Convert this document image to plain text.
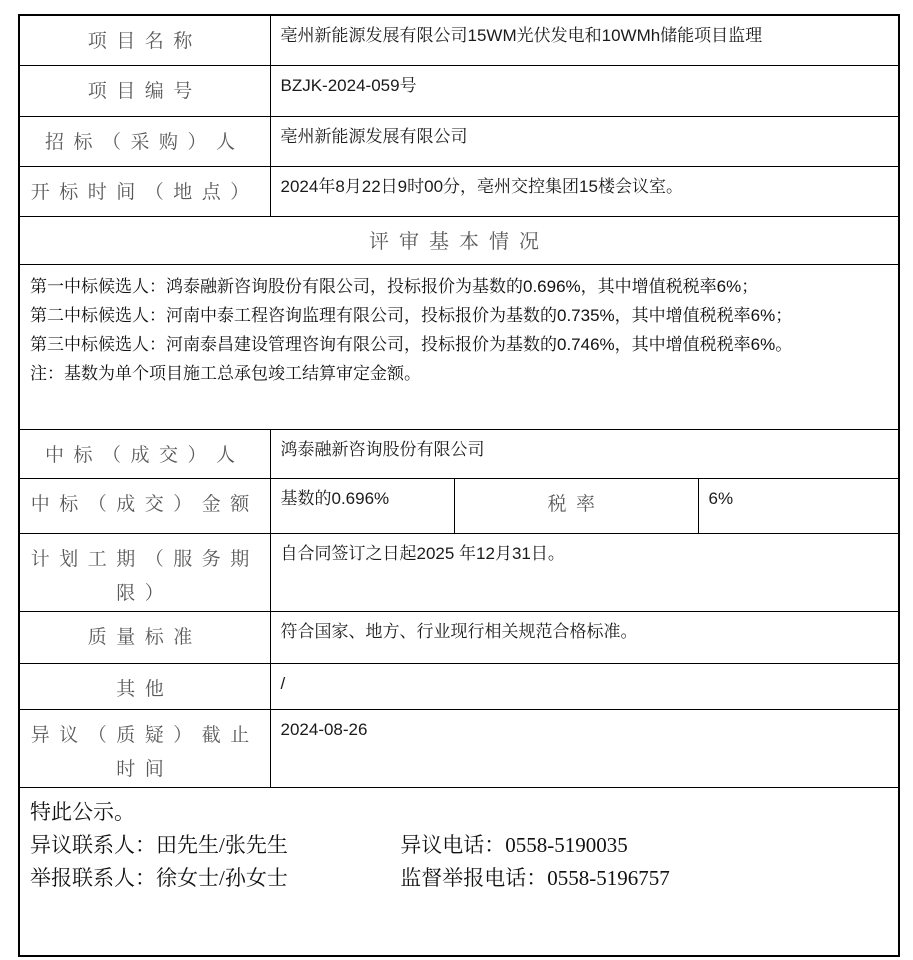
项目名称	亳州新能源发展有限公司15WM光伏发电和10WMh储能项目监理		
项目编号	BZJK-2024-059号		
招标（采购）人	亳州新能源发展有限公司		
开标时间（地点）	2024年8月22日9时00分，亳州交控集团15楼会议室。		
评审基本情况			

第一中标候选人：鸿泰融新咨询股份有限公司，投标报价为基数的0.696%，其中增值税税率6%；
第二中标候选人：河南中泰工程咨询监理有限公司，投标报价为基数的0.735%，其中增值税税率6%；
第三中标候选人：河南泰昌建设管理咨询有限公司，投标报价为基数的0.746%，其中增值税税率6%。
注：基数为单个项目施工总承包竣工结算审定金额。			

中标（成交）人	鸿泰融新咨询股份有限公司		
中标（成交）金额	基数的0.696%	税率	6%
计划工期（服务期限）	自合同签订之日起2025 年12月31日。		
质量标准	符合国家、地方、行业现行相关规范合格标准。		
其他	/		
异议（质疑）截止时间	2024-08-26		

特此公示。
异议联系人：田先生/张先生 异议电话：0558-5190035
举报联系人：徐女士/孙女士 监督举报电话：0558-5196757			
